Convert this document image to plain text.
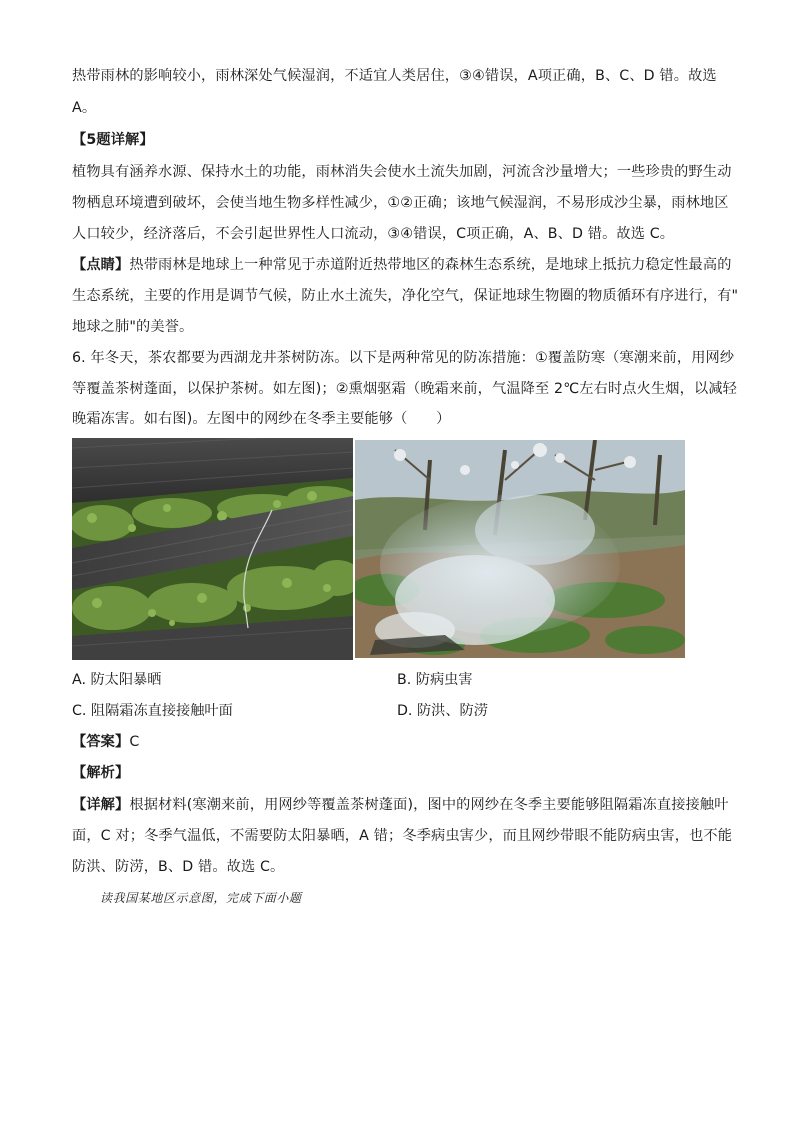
热带雨林的影响较小，雨林深处气候湿润，不适宜人类居住，③④错误，A项正确，B、C、D 错。故选
A。
【5题详解】
植物具有涵养水源、保持水土的功能，雨林消失会使水土流失加剧，河流含沙量增大；一些珍贵的野生动
物栖息环境遭到破坏，会使当地生物多样性减少，①②正确；该地气候湿润，不易形成沙尘暴，雨林地区
人口较少，经济落后，不会引起世界性人口流动，③④错误，C项正确，A、B、D 错。故选 C。
【点睛】热带雨林是地球上一种常见于赤道附近热带地区的森林生态系统，是地球上抵抗力稳定性最高的
生态系统，主要的作用是调节气候，防止水土流失，净化空气，保证地球生物圈的物质循环有序进行，有"
地球之肺"的美誉。
6. 年冬天，茶农都要为西湖龙井茶树防冻。以下是两种常见的防冻措施：①覆盖防寒（寒潮来前，用网纱
等覆盖茶树蓬面，以保护茶树。如左图)；②熏烟驱霜（晚霜来前，气温降至 2℃左右时点火生烟，以减轻
晚霜冻害。如右图)。左图中的网纱在冬季主要能够（　　）
A. 防太阳暴晒	B. 防病虫害
C. 阻隔霜冻直接接触叶面	D. 防洪、防涝
【答案】C
【解析】
【详解】根据材料(寒潮来前，用网纱等覆盖茶树蓬面)，图中的网纱在冬季主要能够阻隔霜冻直接接触叶
面，C 对；冬季气温低，不需要防太阳暴晒，A 错；冬季病虫害少，而且网纱带眼不能防病虫害，也不能
防洪、防涝，B、D 错。故选 C。
读我国某地区示意图，完成下面小题
